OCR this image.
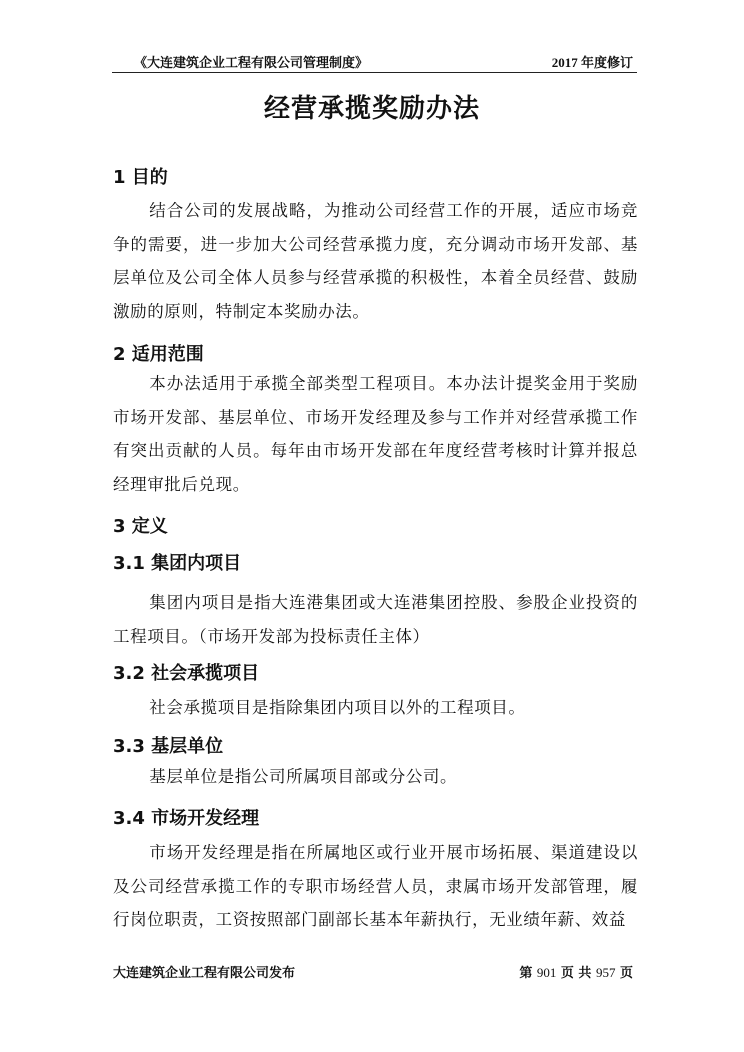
《大连建筑企业工程有限公司管理制度》	2017 年度修订
经营承揽奖励办法
1 目的
结合公司的发展战略，为推动公司经营工作的开展，适应市场竞争的需要，进一步加大公司经营承揽力度，充分调动市场开发部、基层单位及公司全体人员参与经营承揽的积极性，本着全员经营、鼓励激励的原则，特制定本奖励办法。
2 适用范围
本办法适用于承揽全部类型工程项目。本办法计提奖金用于奖励市场开发部、基层单位、市场开发经理及参与工作并对经营承揽工作有突出贡献的人员。每年由市场开发部在年度经营考核时计算并报总经理审批后兑现。
3 定义
3.1 集团内项目
集团内项目是指大连港集团或大连港集团控股、参股企业投资的工程项目。（市场开发部为投标责任主体）
3.2 社会承揽项目
社会承揽项目是指除集团内项目以外的工程项目。
3.3 基层单位
基层单位是指公司所属项目部或分公司。
3.4 市场开发经理
市场开发经理是指在所属地区或行业开展市场拓展、渠道建设以及公司经营承揽工作的专职市场经营人员，隶属市场开发部管理，履行岗位职责，工资按照部门副部长基本年薪执行，无业绩年薪、效益
大连建筑企业工程有限公司发布	第 901 页 共 957 页
